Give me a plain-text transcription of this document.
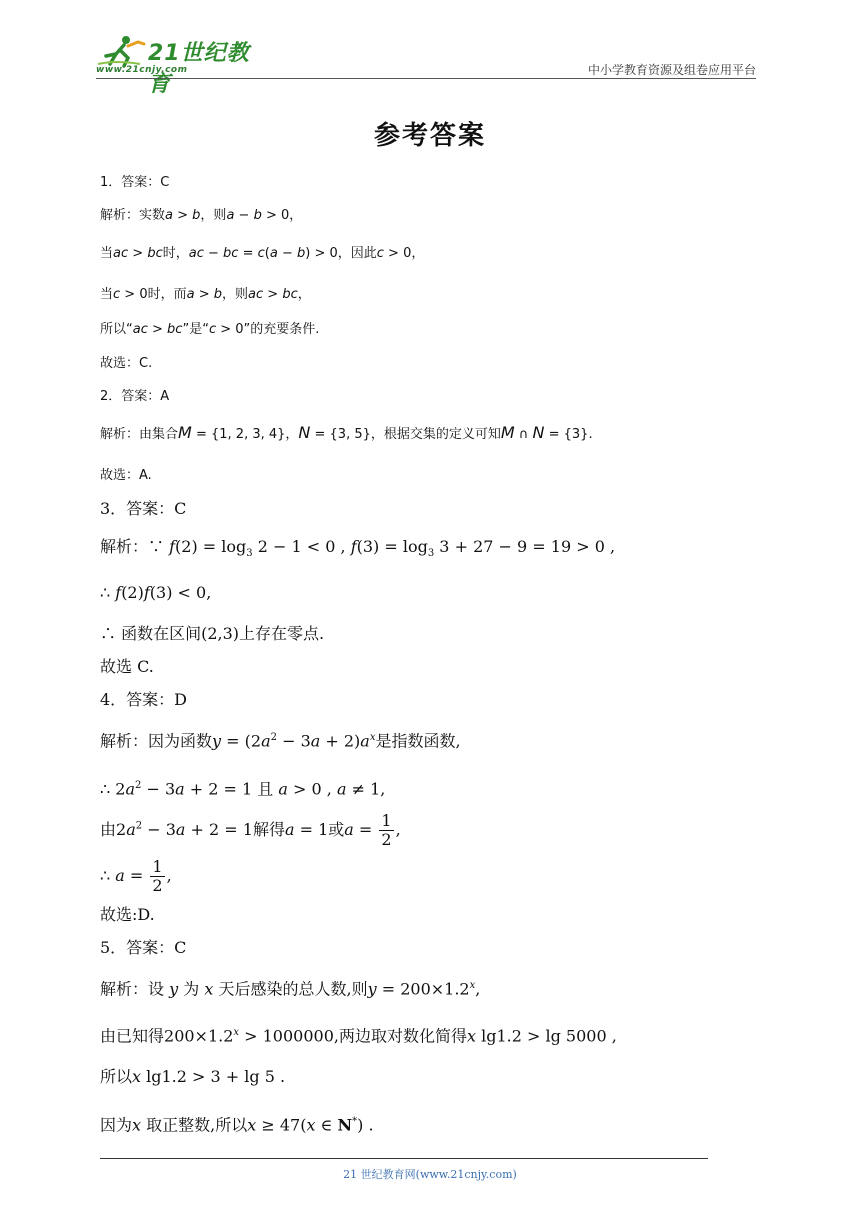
21世纪教育
www.21cnjy.com	中小学教育资源及组卷应用平台
参考答案
1．答案：C
解析：实数a > b，则a − b > 0，
当ac > bc时，ac − bc = c(a − b) > 0，因此c > 0，
当c > 0时，而a > b，则ac > bc，
所以“ac > bc”是“c > 0”的充要条件.
故选：C.
2．答案：A
解析：由集合M = {1, 2, 3, 4}，N = {3, 5}，根据交集的定义可知M ∩ N = {3}.
故选：A.
3．答案：C
解析：∵ $f(2) = \log_3 2 - 1 < 0$ , $f(3) = \log_3 3 + 27 - 9 = 19 > 0$ ,
∴ f(2)f(3) < 0,
∴ 函数在区间(2,3)上存在零点.
故选 C.
4．答案：D
解析：因为函数$y = (2a^2 - 3a + 2)a^x$是指数函数,
∴ $2a^2 - 3a + 2 = 1$ 且 a > 0 , a ≠ 1,
由$2a^2 - 3a + 2 = 1$解得a = 1或$a = \frac{1}{2}$ ,
∴ $a = \frac{1}{2}$ ,
故选:D.
5．答案：C
解析：设 y 为 x 天后感染的总人数,则$y = 200\times 1.2^x$,
由已知得$200\times 1.2^x > 1000000$,两边取对数化简得x lg1.2 > lg 5000 ,
所以x lg1.2 > 3 + lg 5 .
因为x 取正整数,所以x ≥ 47(x ∈ N*) .
21 世纪教育网(www.21cnjy.com)
